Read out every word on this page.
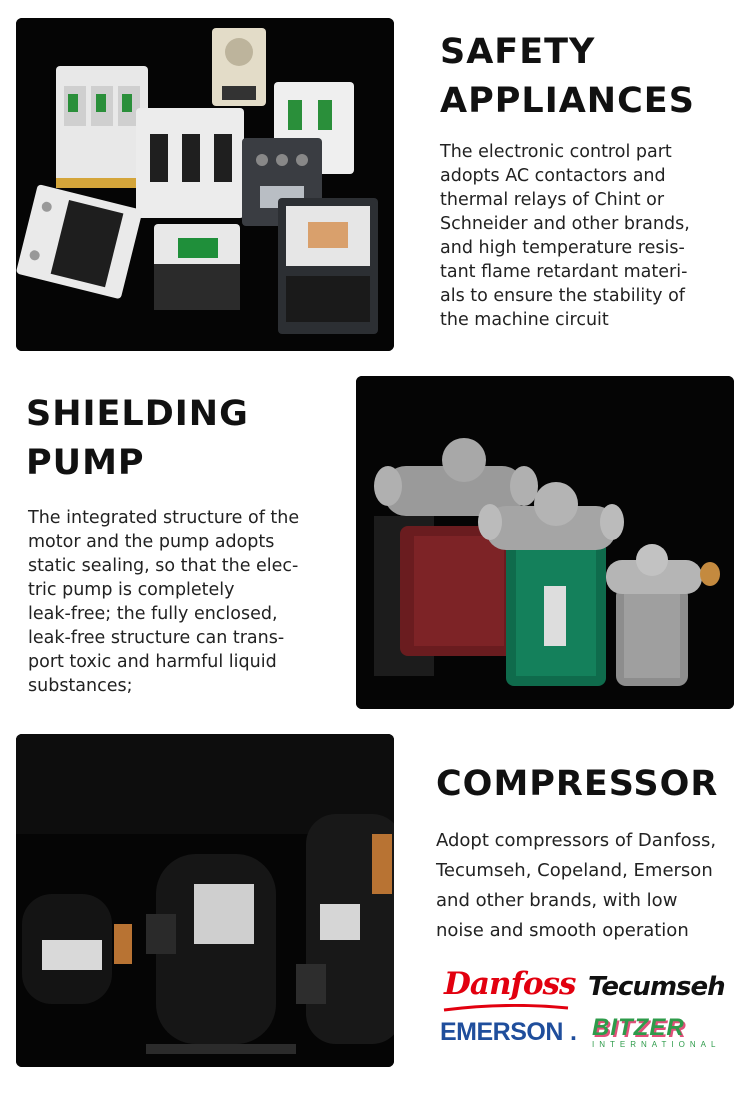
SAFETY
APPLIANCES

The electronic control part
adopts AC contactors and
thermal relays of Chint or
Schneider and other brands,
and high temperature resis-
tant flame retardant materi-
als to ensure the stability of
the machine circuit

SHIELDING
PUMP

The integrated structure of the
motor and the pump adopts
static sealing, so that the elec-
tric pump is completely
leak-free; the fully enclosed,
leak-free structure can trans-
port toxic and harmful liquid
substances;

COMPRESSOR

Adopt compressors of Danfoss,
Tecumseh, Copeland, Emerson
and other brands, with low
noise and smooth operation

Danfoss Tecumseh
EMERSON . BITZER
INTERNATIONAL
